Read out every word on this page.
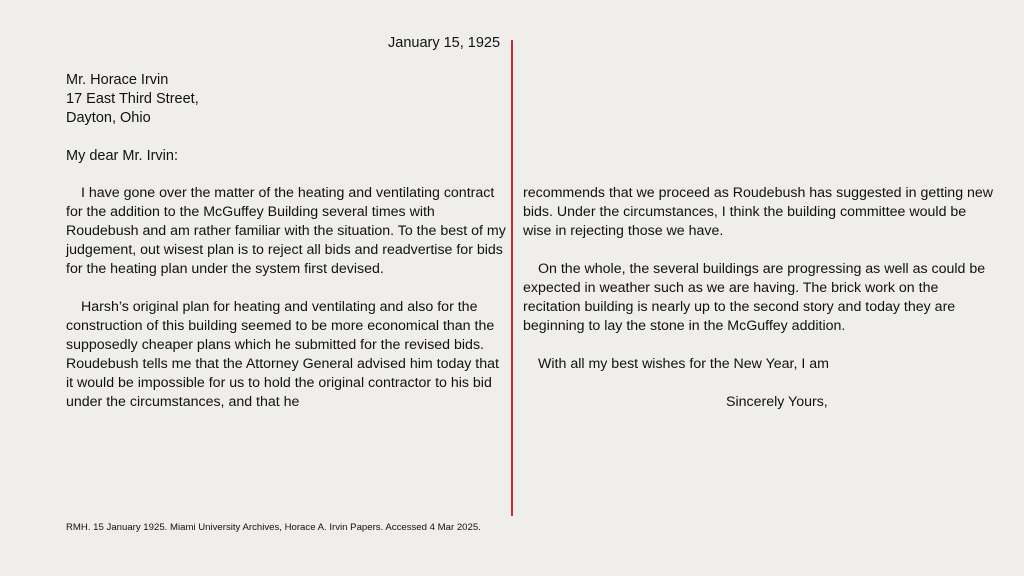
January 15, 1925
Mr. Horace Irvin
17 East Third Street,
Dayton, Ohio
My dear Mr. Irvin:

I have gone over the matter of the heating and ventilating contract for the addition to the McGuffey Building several times with Roudebush and am rather familiar with the situation. To the best of my judgement, out wisest plan is to reject all bids and readvertise for bids for the heating plan under the system first devised.

Harsh’s original plan for heating and ventilating and also for the construction of this building seemed to be more economical than the supposedly cheaper plans which he submitted for the revised bids. Roudebush tells me that the Attorney General advised him today that it would be impossible for us to hold the original contractor to his bid under the circumstances, and that he

recommends that we proceed as Roudebush has suggested in getting new bids. Under the circumstances, I think the building committee would be wise in rejecting those we have.

On the whole, the several buildings are progressing as well as could be expected in weather such as we are having. The brick work on the recitation building is nearly up to the second story and today they are beginning to lay the stone in the McGuffey addition.

With all my best wishes for the New Year, I am

Sincerely Yours,
RMH. 15 January 1925. Miami University Archives, Horace A. Irvin Papers. Accessed 4 Mar 2025.
